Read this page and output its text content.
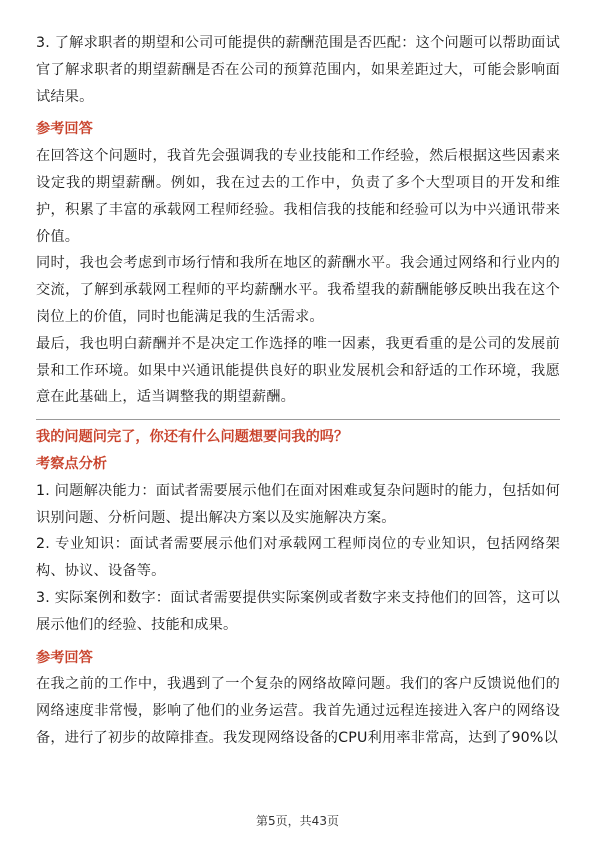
3. 了解求职者的期望和公司可能提供的薪酬范围是否匹配：这个问题可以帮助面试官了解求职者的期望薪酬是否在公司的预算范围内，如果差距过大，可能会影响面试结果。

参考回答

在回答这个问题时，我首先会强调我的专业技能和工作经验，然后根据这些因素来设定我的期望薪酬。例如，我在过去的工作中，负责了多个大型项目的开发和维护，积累了丰富的承载网工程师经验。我相信我的技能和经验可以为中兴通讯带来价值。

同时，我也会考虑到市场行情和我所在地区的薪酬水平。我会通过网络和行业内的交流，了解到承载网工程师的平均薪酬水平。我希望我的薪酬能够反映出我在这个岗位上的价值，同时也能满足我的生活需求。

最后，我也明白薪酬并不是决定工作选择的唯一因素，我更看重的是公司的发展前景和工作环境。如果中兴通讯能提供良好的职业发展机会和舒适的工作环境，我愿意在此基础上，适当调整我的期望薪酬。

我的问题问完了，你还有什么问题想要问我的吗？

考察点分析

1. 问题解决能力：面试者需要展示他们在面对困难或复杂问题时的能力，包括如何识别问题、分析问题、提出解决方案以及实施解决方案。

2. 专业知识：面试者需要展示他们对承载网工程师岗位的专业知识，包括网络架构、协议、设备等。

3. 实际案例和数字：面试者需要提供实际案例或者数字来支持他们的回答，这可以展示他们的经验、技能和成果。

参考回答

在我之前的工作中，我遇到了一个复杂的网络故障问题。我们的客户反馈说他们的网络速度非常慢，影响了他们的业务运营。我首先通过远程连接进入客户的网络设备，进行了初步的故障排查。我发现网络设备的CPU利用率非常高，达到了90%以

第5页，共43页
